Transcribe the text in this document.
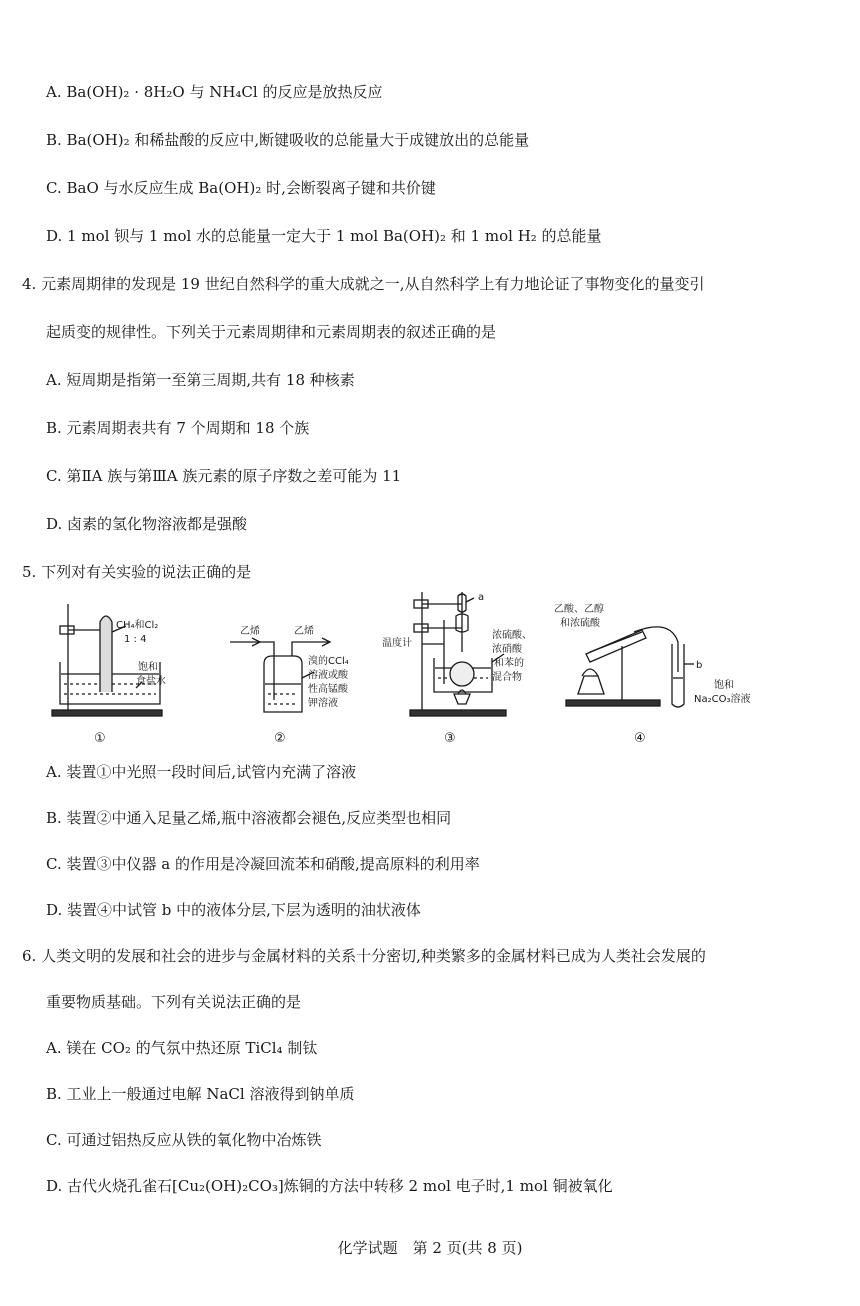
A. Ba(OH)₂ · 8H₂O 与 NH₄Cl 的反应是放热反应
B. Ba(OH)₂ 和稀盐酸的反应中,断键吸收的总能量大于成键放出的总能量
C. BaO 与水反应生成 Ba(OH)₂ 时,会断裂离子键和共价键
D. 1 mol 钡与 1 mol 水的总能量一定大于 1 mol Ba(OH)₂ 和 1 mol H₂ 的总能量
4. 元素周期律的发现是 19 世纪自然科学的重大成就之一,从自然科学上有力地论证了事物变化的量变引
起质变的规律性。下列关于元素周期律和元素周期表的叙述正确的是
A. 短周期是指第一至第三周期,共有 18 种核素
B. 元素周期表共有 7 个周期和 18 个族
C. 第ⅡA 族与第ⅢA 族元素的原子序数之差可能为 11
D. 卤素的氢化物溶液都是强酸
5. 下列对有关实验的说法正确的是
CH₄和Cl₂
1 : 4
饱和
食盐水
①
乙烯	乙烯
溴的CCl₄
溶液或酸
性高锰酸
钾溶液
②
a
温度计
浓硫酸、
浓硝酸
和苯的
混合物
③
乙酸、乙醇
和浓硫酸
b
饱和
Na₂CO₃溶液
④
A. 装置①中光照一段时间后,试管内充满了溶液
B. 装置②中通入足量乙烯,瓶中溶液都会褪色,反应类型也相同
C. 装置③中仪器 a 的作用是冷凝回流苯和硝酸,提高原料的利用率
D. 装置④中试管 b 中的液体分层,下层为透明的油状液体
6. 人类文明的发展和社会的进步与金属材料的关系十分密切,种类繁多的金属材料已成为人类社会发展的
重要物质基础。下列有关说法正确的是
A. 镁在 CO₂ 的气氛中热还原 TiCl₄ 制钛
B. 工业上一般通过电解 NaCl 溶液得到钠单质
C. 可通过铝热反应从铁的氧化物中冶炼铁
D. 古代火烧孔雀石[Cu₂(OH)₂CO₃]炼铜的方法中转移 2 mol 电子时,1 mol 铜被氧化
化学试题　第 2 页(共 8 页)
